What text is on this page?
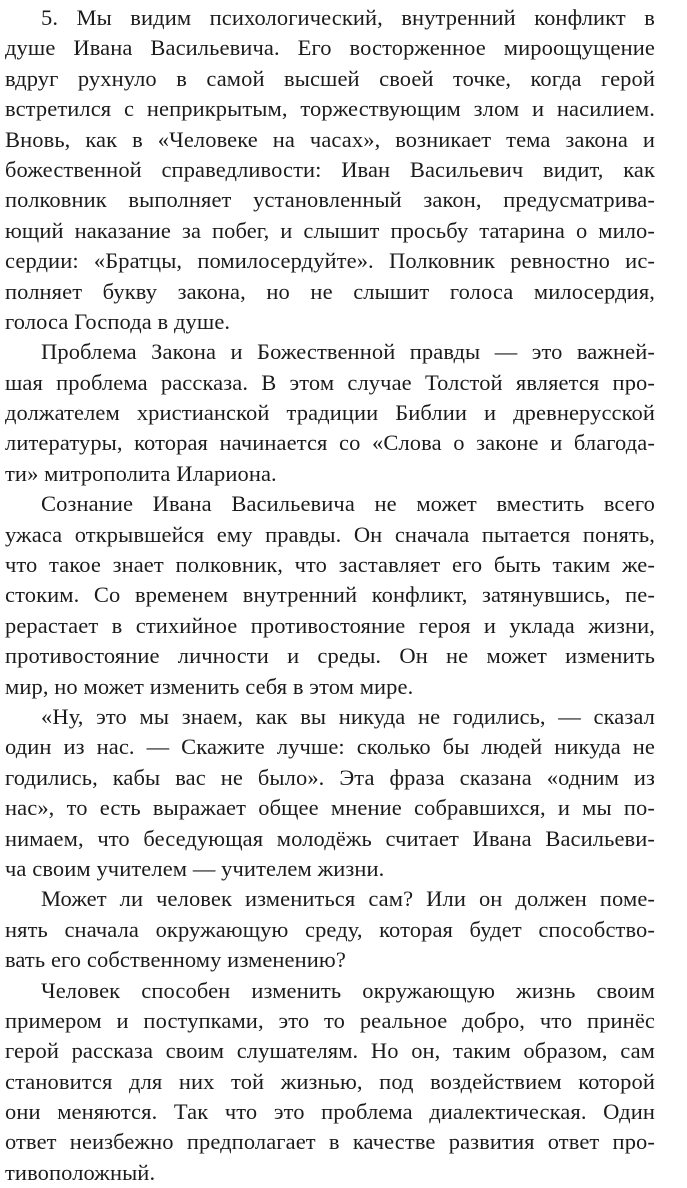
5. Мы видим психологический, внутренний конфликт в
душе Ивана Васильевича. Его восторженное мироощущение
вдруг рухнуло в самой высшей своей точке, когда герой
встретился с неприкрытым, торжествующим злом и насилием.
Вновь, как в «Человеке на часах», возникает тема закона и
божественной справедливости: Иван Васильевич видит, как
полковник выполняет установленный закон, предусматрива-
ющий наказание за побег, и слышит просьбу татарина о мило-
сердии: «Братцы, помилосердуйте». Полковник ревностно ис-
полняет букву закона, но не слышит голоса милосердия,
голоса Господа в душе.
Проблема Закона и Божественной правды — это важней-
шая проблема рассказа. В этом случае Толстой является про-
должателем христианской традиции Библии и древнерусской
литературы, которая начинается со «Слова о законе и благода-
ти» митрополита Илариона.
Сознание Ивана Васильевича не может вместить всего
ужаса открывшейся ему правды. Он сначала пытается понять,
что такое знает полковник, что заставляет его быть таким же-
стоким. Со временем внутренний конфликт, затянувшись, пе-
рерастает в стихийное противостояние героя и уклада жизни,
противостояние личности и среды. Он не может изменить
мир, но может изменить себя в этом мире.
«Ну, это мы знаем, как вы никуда не годились, — сказал
один из нас. — Скажите лучше: сколько бы людей никуда не
годились, кабы вас не было». Эта фраза сказана «одним из
нас», то есть выражает общее мнение собравшихся, и мы по-
нимаем, что беседующая молодёжь считает Ивана Васильеви-
ча своим учителем — учителем жизни.
Может ли человек измениться сам? Или он должен поме-
нять сначала окружающую среду, которая будет способство-
вать его собственному изменению?
Человек способен изменить окружающую жизнь своим
примером и поступками, это то реальное добро, что принёс
герой рассказа своим слушателям. Но он, таким образом, сам
становится для них той жизнью, под воздействием которой
они меняются. Так что это проблема диалектическая. Один
ответ неизбежно предполагает в качестве развития ответ про-
тивоположный.
